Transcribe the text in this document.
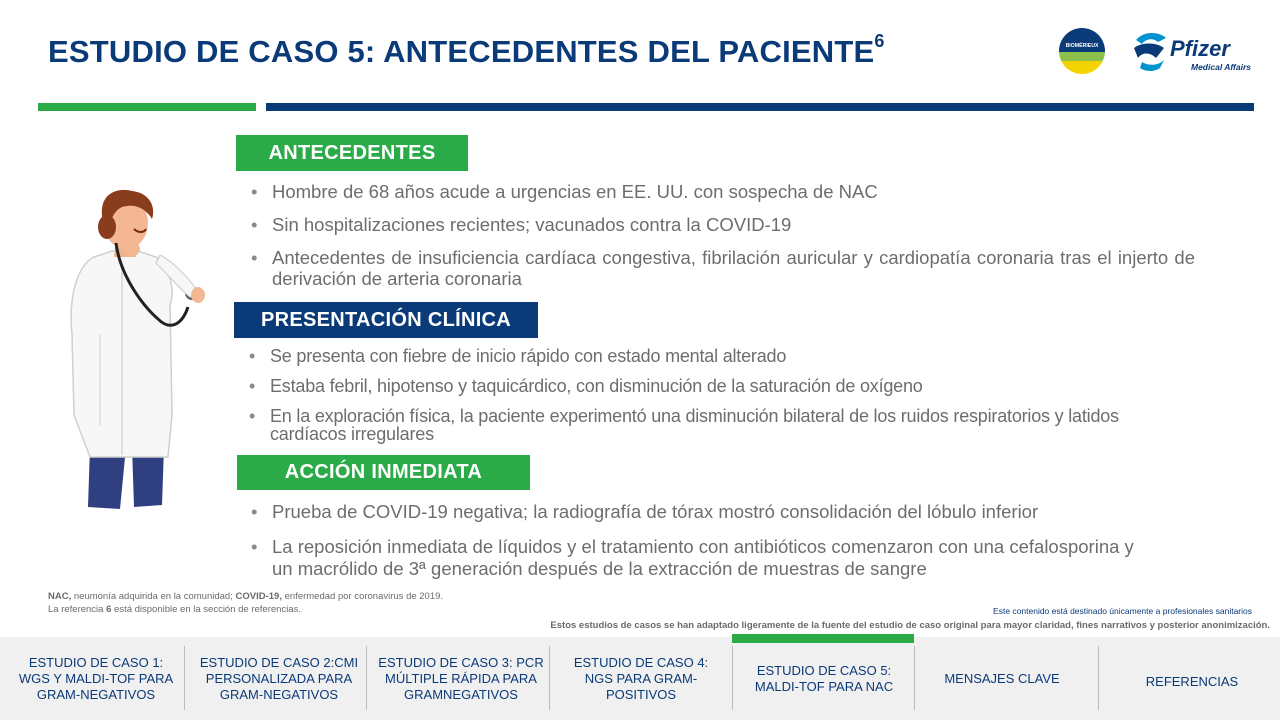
ESTUDIO DE CASO 5: ANTECEDENTES DEL PACIENTE$^6$	BIOMÉRIEUX	Pfizer
Medical Affairs
ANTECEDENTES
• Hombre de 68 años acude a urgencias en EE. UU. con sospecha de NAC
• Sin hospitalizaciones recientes; vacunados contra la COVID-19
• Antecedentes de insuficiencia cardíaca congestiva, fibrilación auricular y cardiopatía coronaria tras el injerto de derivación de arteria coronaria
PRESENTACIÓN CLÍNICA
• Se presenta con fiebre de inicio rápido con estado mental alterado
• Estaba febril, hipotenso y taquicárdico, con disminución de la saturación de oxígeno
• En la exploración física, la paciente experimentó una disminución bilateral de los ruidos respiratorios y latidos cardíacos irregulares
ACCIÓN INMEDIATA
• Prueba de COVID-19 negativa; la radiografía de tórax mostró consolidación del lóbulo inferior
• La reposición inmediata de líquidos y el tratamiento con antibióticos comenzaron con una cefalosporina y un macrólido de 3ª generación después de la extracción de muestras de sangre
NAC, neumonía adquirida en la comunidad; COVID-19, enfermedad por coronavirus de 2019.
La referencia 6 está disponible en la sección de referencias.	Este contenido está destinado únicamente a profesionales sanitarios
Estos estudios de casos se han adaptado ligeramente de la fuente del estudio de caso original para mayor claridad, fines narrativos y posterior anonimización.
ESTUDIO DE CASO 1: WGS Y MALDI-TOF PARA GRAM-NEGATIVOS
ESTUDIO DE CASO 2:CMI PERSONALIZADA PARA GRAM-NEGATIVOS
ESTUDIO DE CASO 3: PCR MÚLTIPLE RÁPIDA PARA GRAMNEGATIVOS
ESTUDIO DE CASO 4: NGS PARA GRAM-POSITIVOS
ESTUDIO DE CASO 5: MALDI-TOF PARA NAC
MENSAJES CLAVE	REFERENCIAS
